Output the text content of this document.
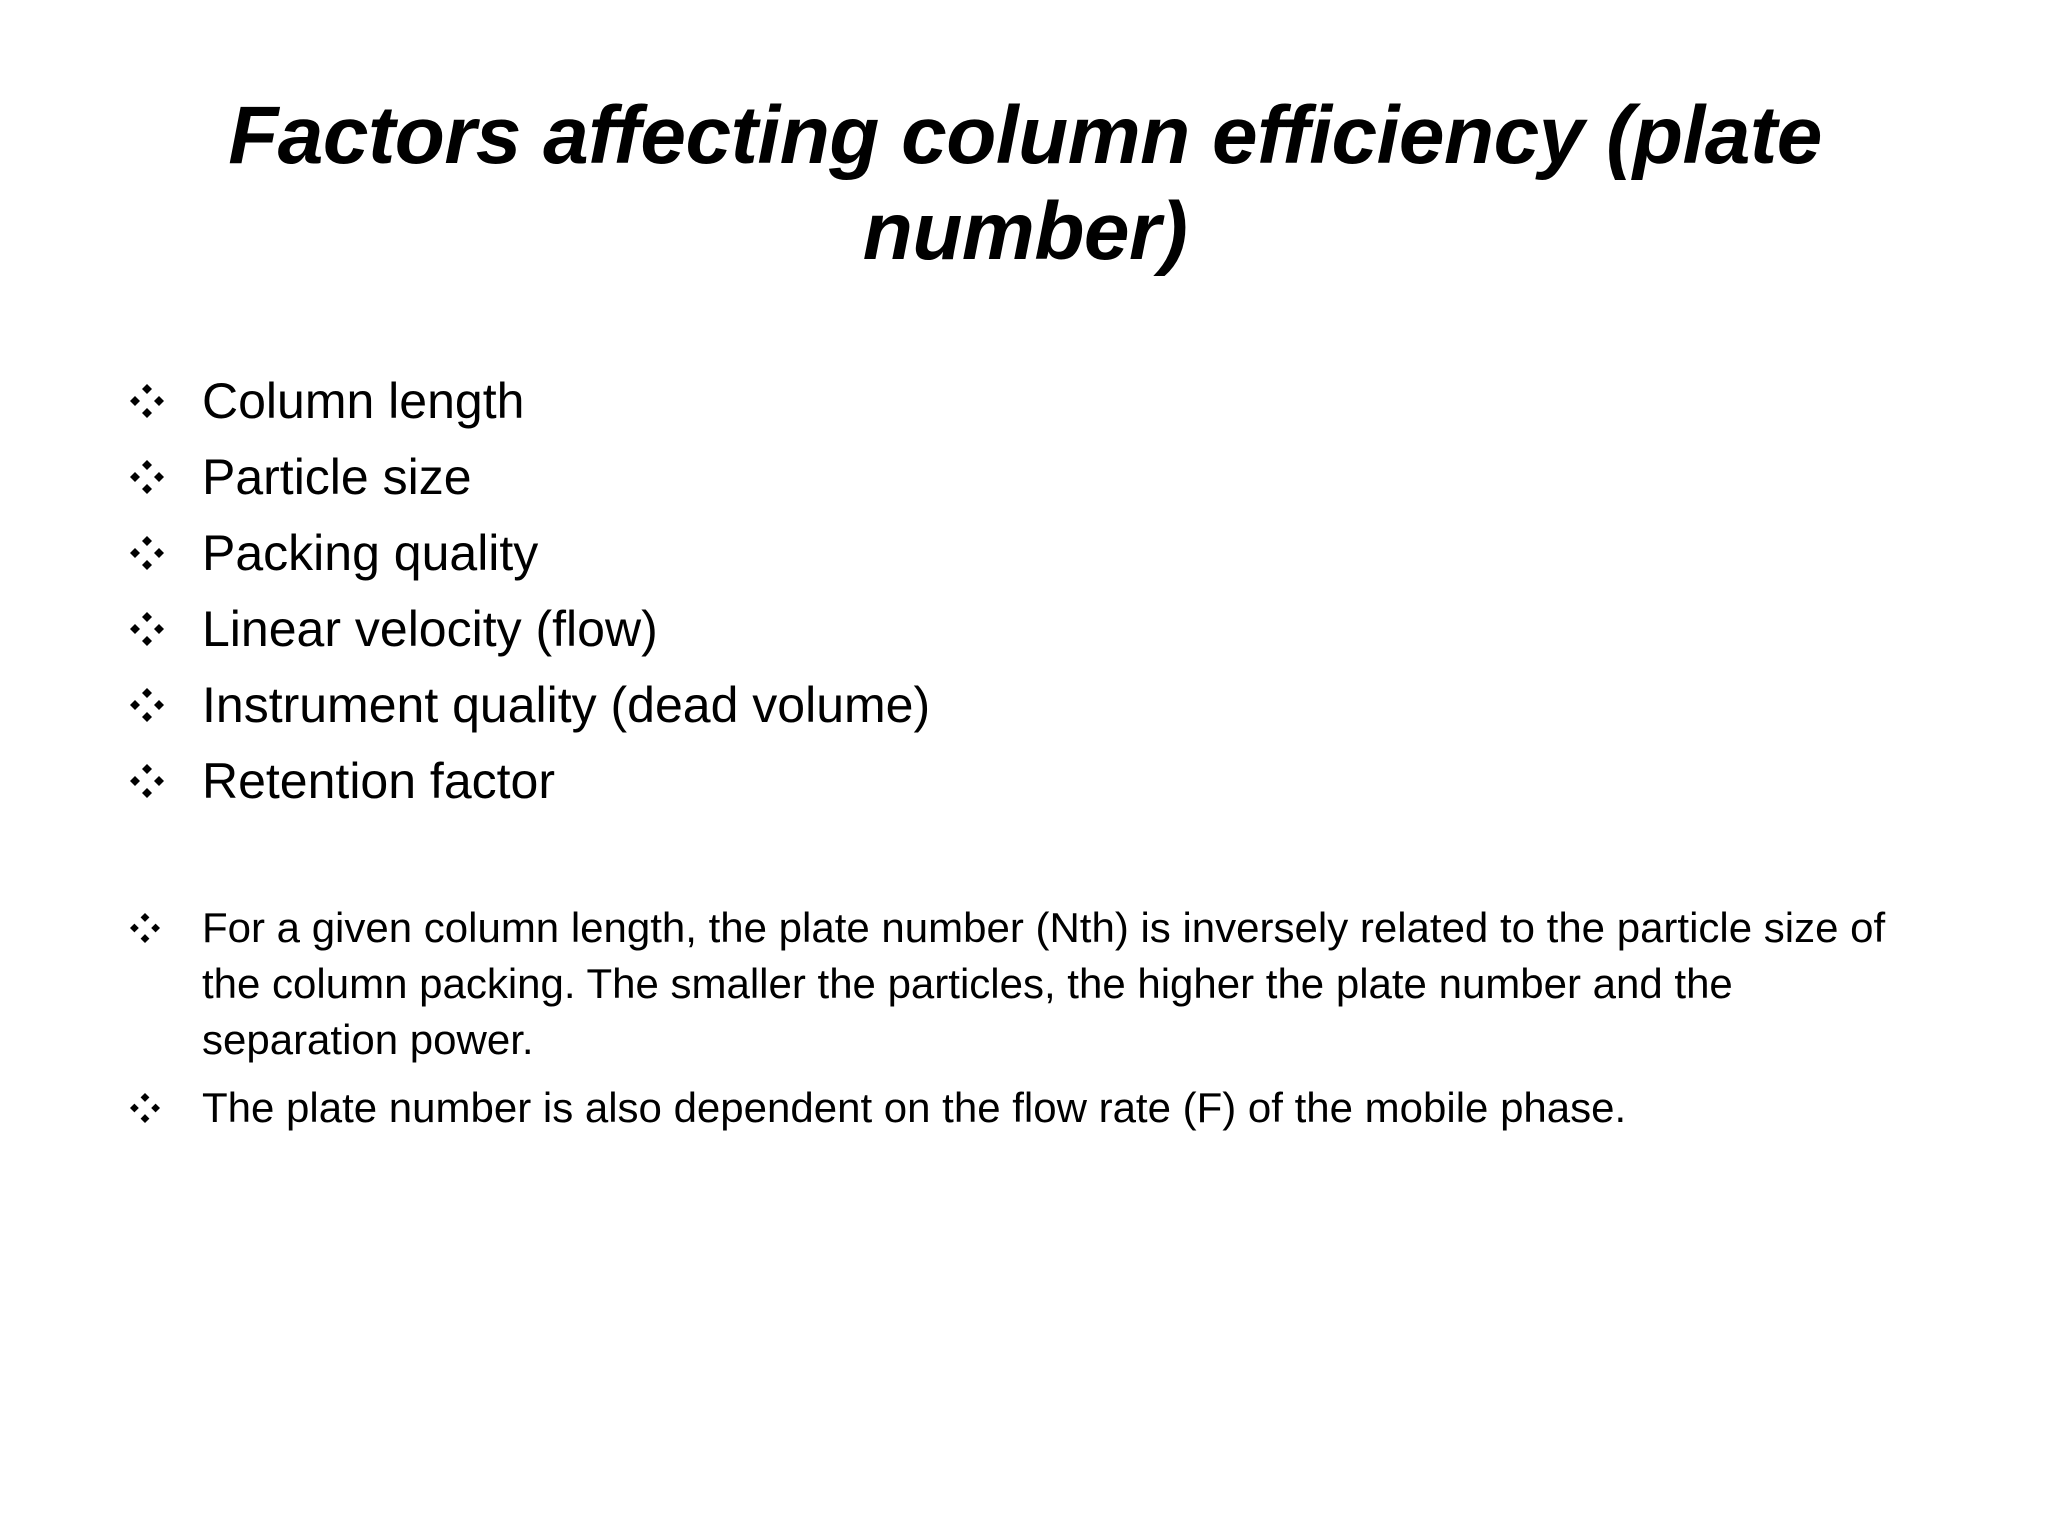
Factors affecting column efficiency (plate number)
Column length
Particle size
Packing quality
Linear velocity (flow)
Instrument quality (dead volume)
Retention factor
For a given column length, the plate number (Nth) is inversely related to the particle size of the column packing. The smaller the particles, the higher the plate number and the separation power.
The plate number is also dependent on the flow rate (F) of the mobile phase.
